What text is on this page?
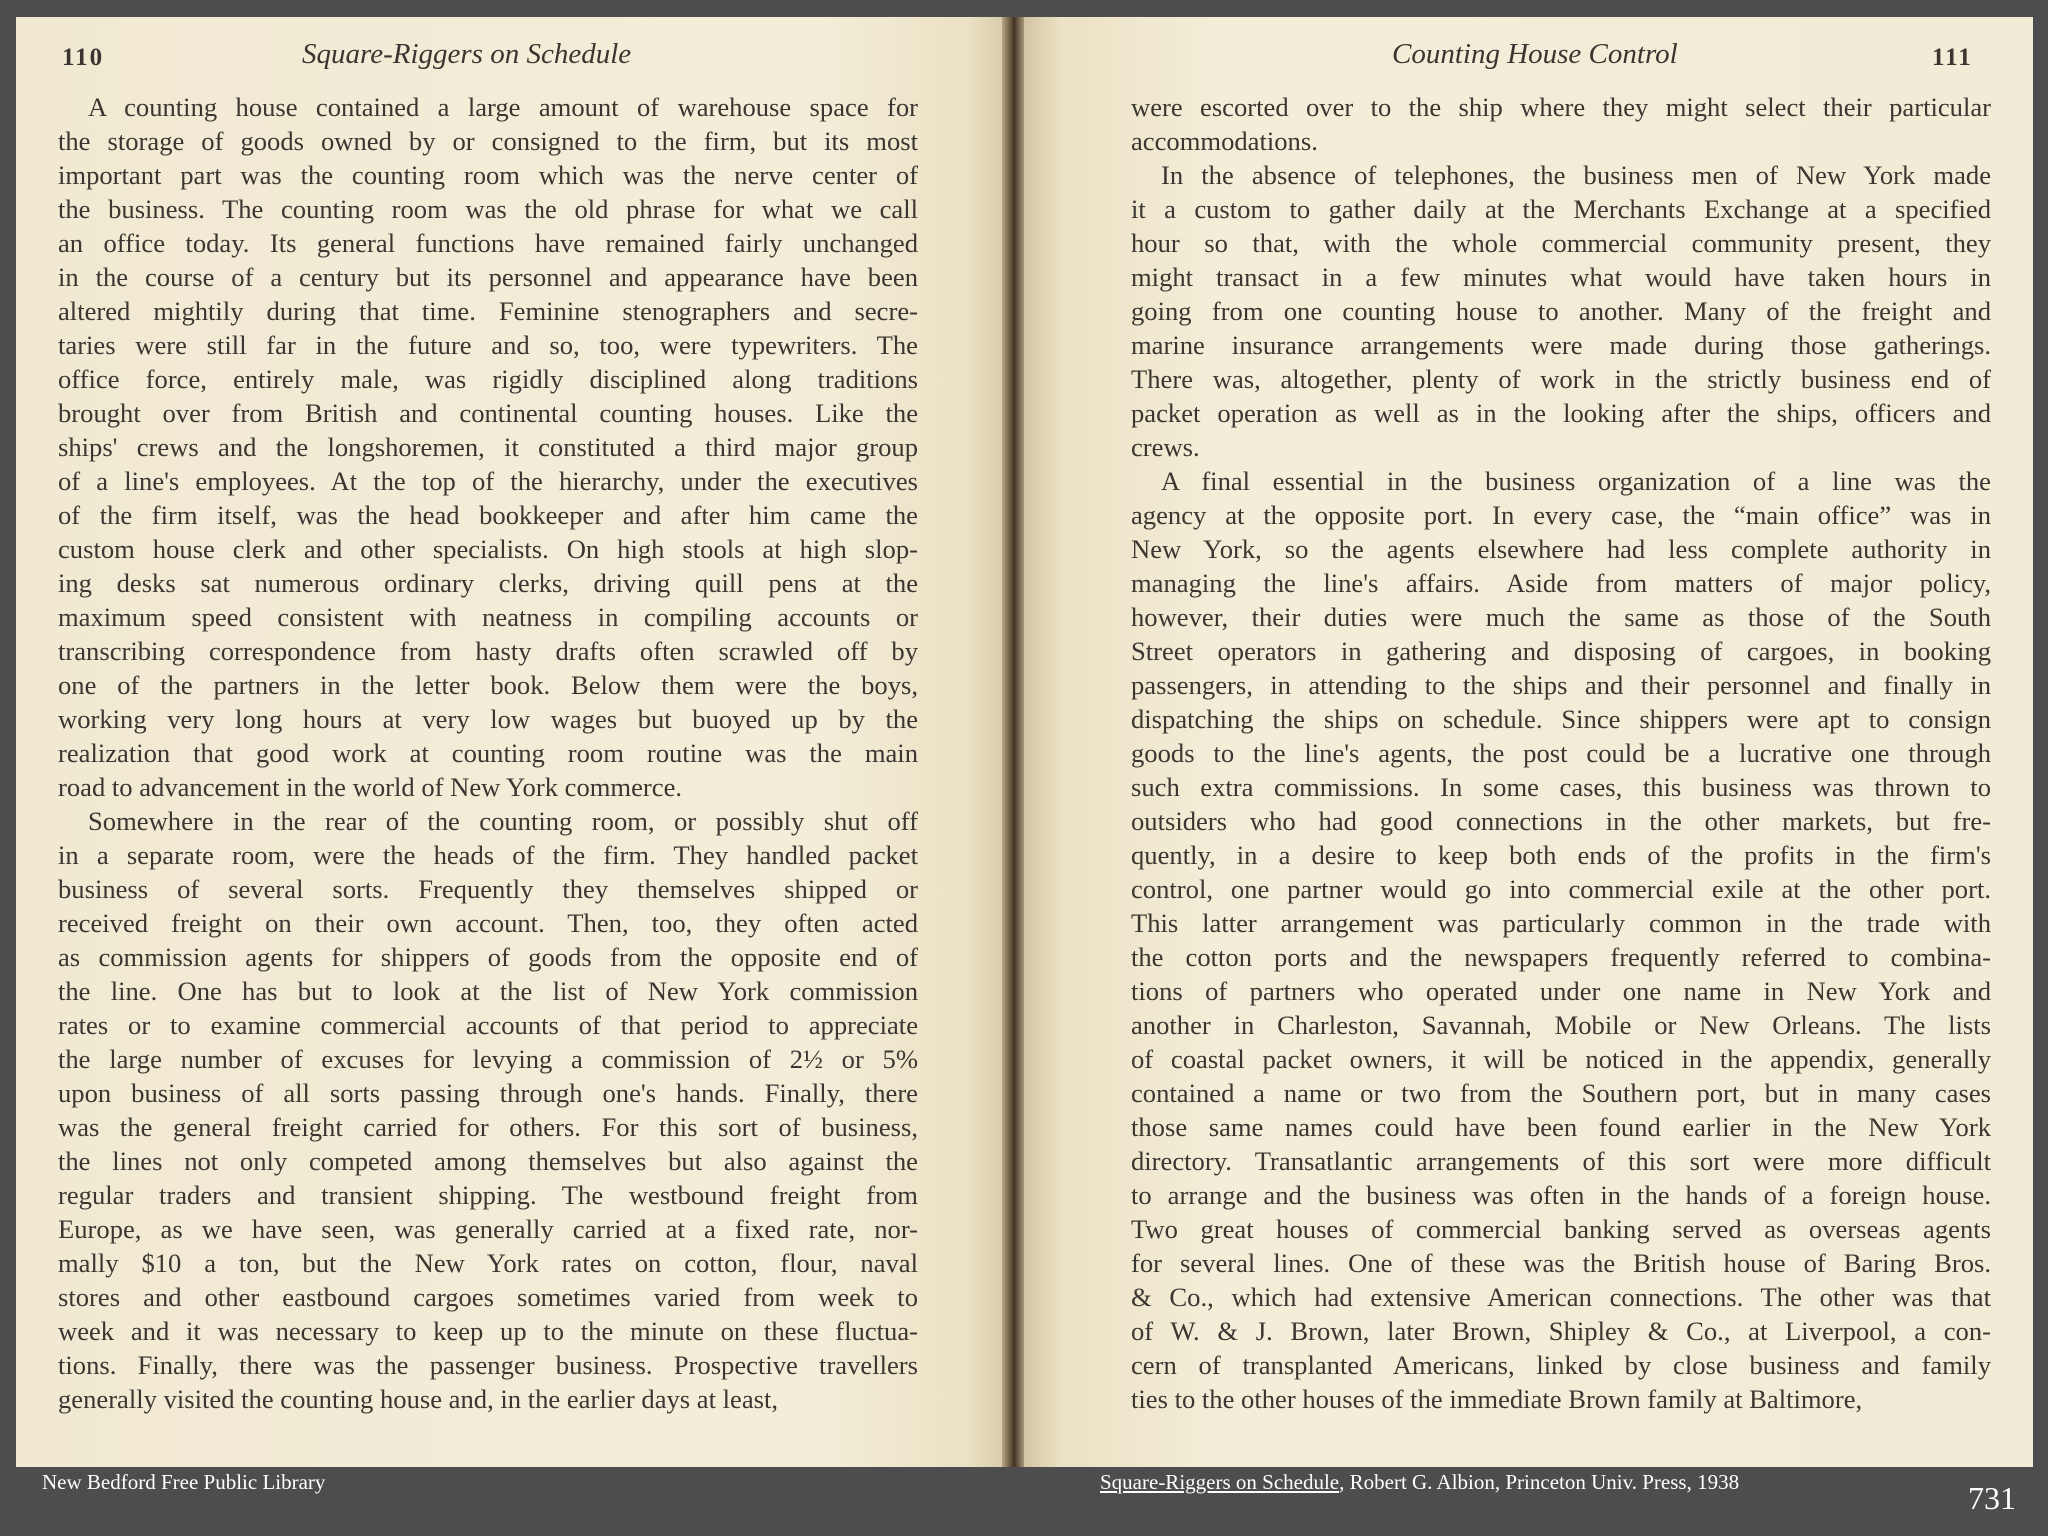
110	Square-Riggers on Schedule	Counting House Control	111
A counting house contained a large amount of warehouse space for
the storage of goods owned by or consigned to the firm, but its most
important part was the counting room which was the nerve center of
the business. The counting room was the old phrase for what we call
an office today. Its general functions have remained fairly unchanged
in the course of a century but its personnel and appearance have been
altered mightily during that time. Feminine stenographers and secre-
taries were still far in the future and so, too, were typewriters. The
office force, entirely male, was rigidly disciplined along traditions
brought over from British and continental counting houses. Like the
ships' crews and the longshoremen, it constituted a third major group
of a line's employees. At the top of the hierarchy, under the executives
of the firm itself, was the head bookkeeper and after him came the
custom house clerk and other specialists. On high stools at high slop-
ing desks sat numerous ordinary clerks, driving quill pens at the
maximum speed consistent with neatness in compiling accounts or
transcribing correspondence from hasty drafts often scrawled off by
one of the partners in the letter book. Below them were the boys,
working very long hours at very low wages but buoyed up by the
realization that good work at counting room routine was the main
road to advancement in the world of New York commerce.
Somewhere in the rear of the counting room, or possibly shut off
in a separate room, were the heads of the firm. They handled packet
business of several sorts. Frequently they themselves shipped or
received freight on their own account. Then, too, they often acted
as commission agents for shippers of goods from the opposite end of
the line. One has but to look at the list of New York commission
rates or to examine commercial accounts of that period to appreciate
the large number of excuses for levying a commission of 2½ or 5%
upon business of all sorts passing through one's hands. Finally, there
was the general freight carried for others. For this sort of business,
the lines not only competed among themselves but also against the
regular traders and transient shipping. The westbound freight from
Europe, as we have seen, was generally carried at a fixed rate, nor-
mally $10 a ton, but the New York rates on cotton, flour, naval
stores and other eastbound cargoes sometimes varied from week to
week and it was necessary to keep up to the minute on these fluctua-
tions. Finally, there was the passenger business. Prospective travellers
generally visited the counting house and, in the earlier days at least,
were escorted over to the ship where they might select their particular
accommodations.
In the absence of telephones, the business men of New York made
it a custom to gather daily at the Merchants Exchange at a specified
hour so that, with the whole commercial community present, they
might transact in a few minutes what would have taken hours in
going from one counting house to another. Many of the freight and
marine insurance arrangements were made during those gatherings.
There was, altogether, plenty of work in the strictly business end of
packet operation as well as in the looking after the ships, officers and
crews.
A final essential in the business organization of a line was the
agency at the opposite port. In every case, the “main office” was in
New York, so the agents elsewhere had less complete authority in
managing the line's affairs. Aside from matters of major policy,
however, their duties were much the same as those of the South
Street operators in gathering and disposing of cargoes, in booking
passengers, in attending to the ships and their personnel and finally in
dispatching the ships on schedule. Since shippers were apt to consign
goods to the line's agents, the post could be a lucrative one through
such extra commissions. In some cases, this business was thrown to
outsiders who had good connections in the other markets, but fre-
quently, in a desire to keep both ends of the profits in the firm's
control, one partner would go into commercial exile at the other port.
This latter arrangement was particularly common in the trade with
the cotton ports and the newspapers frequently referred to combina-
tions of partners who operated under one name in New York and
another in Charleston, Savannah, Mobile or New Orleans. The lists
of coastal packet owners, it will be noticed in the appendix, generally
contained a name or two from the Southern port, but in many cases
those same names could have been found earlier in the New York
directory. Transatlantic arrangements of this sort were more difficult
to arrange and the business was often in the hands of a foreign house.
Two great houses of commercial banking served as overseas agents
for several lines. One of these was the British house of Baring Bros.
& Co., which had extensive American connections. The other was that
of W. & J. Brown, later Brown, Shipley & Co., at Liverpool, a con-
cern of transplanted Americans, linked by close business and family
ties to the other houses of the immediate Brown family at Baltimore,
New Bedford Free Public Library	Square-Riggers on Schedule, Robert G. Albion, Princeton Univ. Press, 1938	731
